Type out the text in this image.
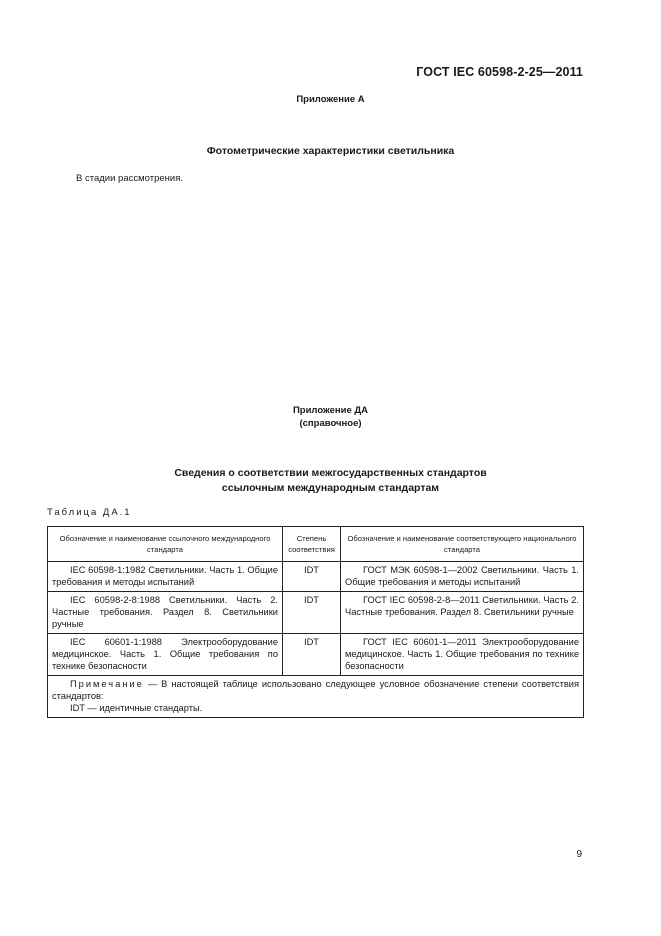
ГОСТ IEC 60598-2-25—2011
Приложение А
Фотометрические характеристики светильника
В стадии рассмотрения.
Приложение ДА
(справочное)
Сведения о соответствии межгосударственных стандартов
ссылочным международным стандартам
Таблица ДА.1
Обозначение и наименование ссылочного международного стандарта	Степень соответствия	Обозначение и наименование соответствующего национального стандарта

IEC 60598-1:1982 Светильники. Часть 1. Общие требования и методы испытаний	IDT	ГОСТ МЭК 60598-1—2002 Светильники. Часть 1. Общие требования и методы испытаний

IEC 60598-2-8:1988 Светильники. Часть 2. Частные требования. Раздел 8. Светильники ручные	IDT	ГОСТ IEC 60598-2-8—2011 Светильники. Часть 2. Частные требования. Раздел 8. Светильники ручные

IEC 60601-1:1988 Электрооборудование медицинское. Часть 1. Общие требования по технике безопасности	IDT	ГОСТ IEC 60601-1—2011 Электрооборудование медицинское. Часть 1. Общие требования по технике безопасности

Примечание — В настоящей таблице использовано следующее условное обозначение степени соответствия стандартов:
IDT — идентичные стандарты.		
9
